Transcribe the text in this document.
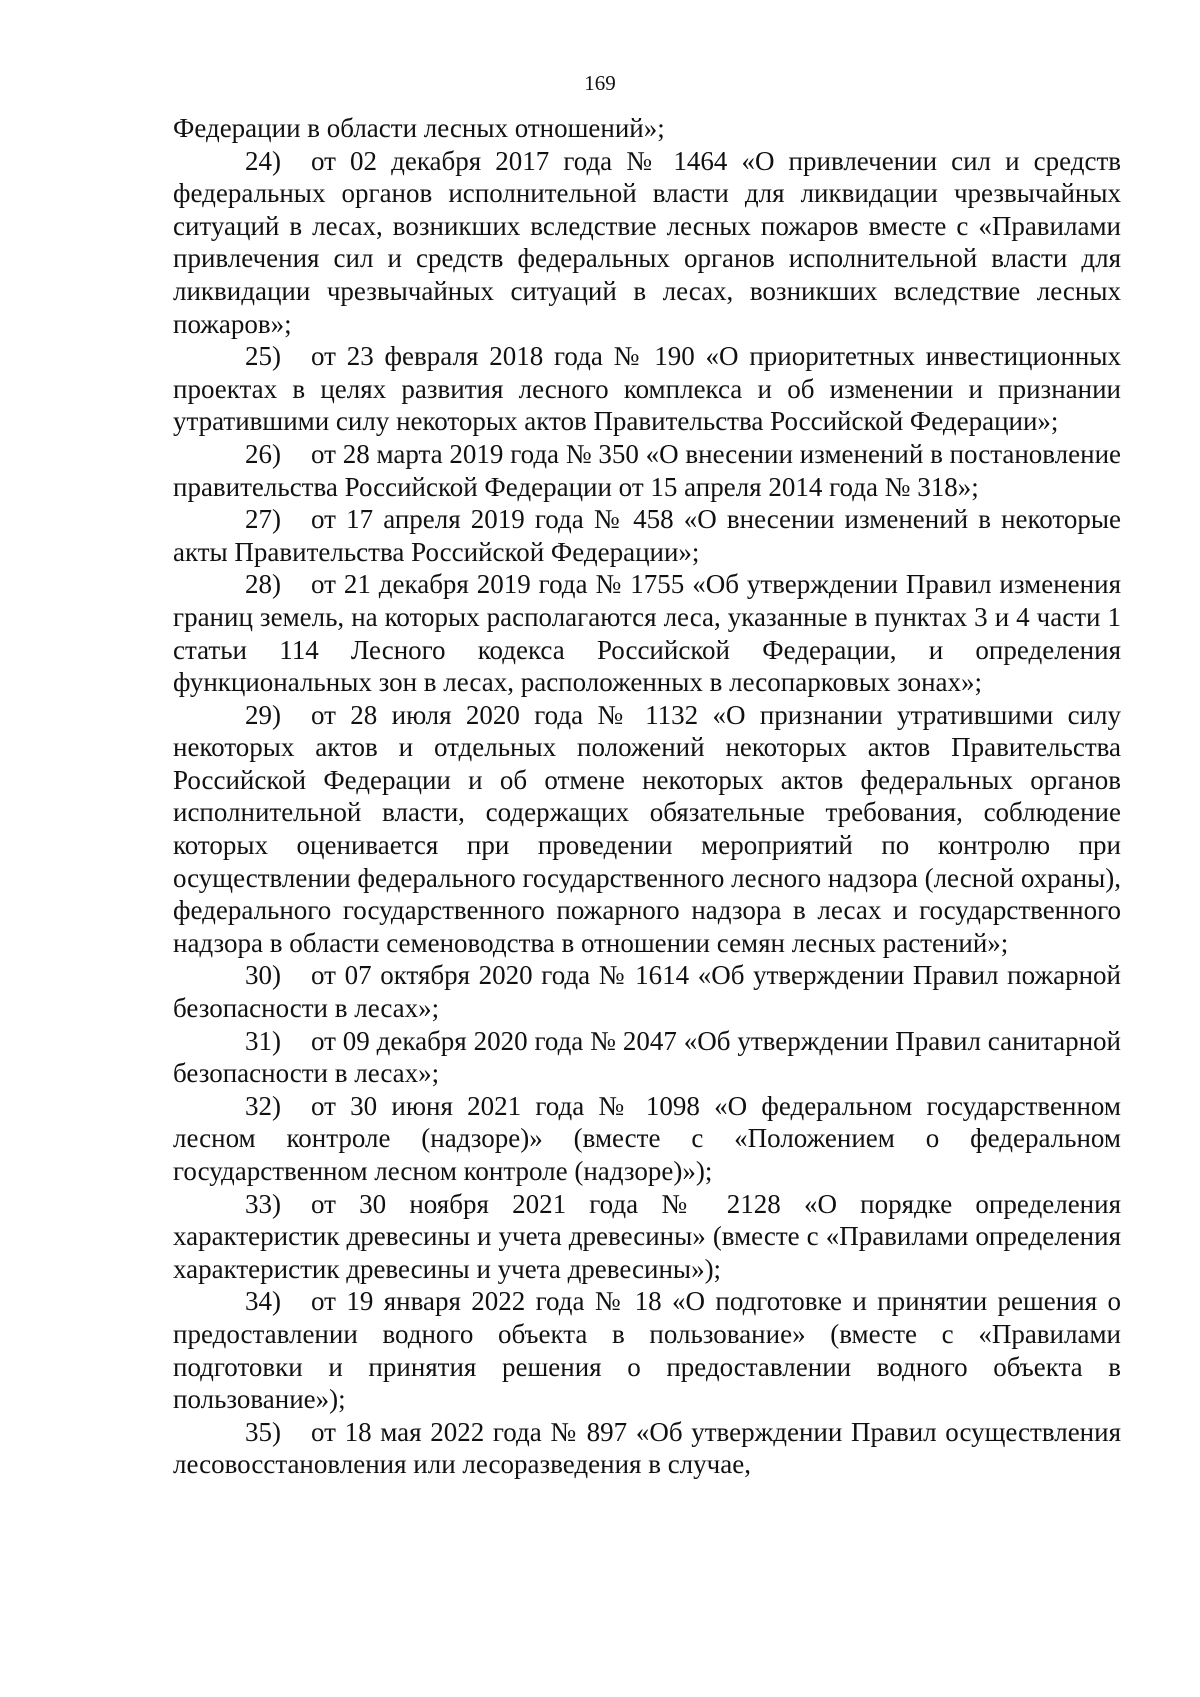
169

Федерации в области лесных отношений»;

24) от 02 декабря 2017 года № 1464 «О привлечении сил и средств федеральных органов исполнительной власти для ликвидации чрезвычайных ситуаций в лесах, возникших вследствие лесных пожаров вместе с «Правилами привлечения сил и средств федеральных органов исполнительной власти для ликвидации чрезвычайных ситуаций в лесах, возникших вследствие лесных пожаров»;

25) от 23 февраля 2018 года № 190 «О приоритетных инвестиционных проектах в целях развития лесного комплекса и об изменении и признании утратившими силу некоторых актов Правительства Российской Федерации»;

26) от 28 марта 2019 года № 350 «О внесении изменений в постановление правительства Российской Федерации от 15 апреля 2014 года № 318»;

27) от 17 апреля 2019 года № 458 «О внесении изменений в некоторые акты Правительства Российской Федерации»;

28) от 21 декабря 2019 года № 1755 «Об утверждении Правил изменения границ земель, на которых располагаются леса, указанные в пунктах 3 и 4 части 1 статьи 114 Лесного кодекса Российской Федерации, и определения функциональных зон в лесах, расположенных в лесопарковых зонах»;

29) от 28 июля 2020 года № 1132 «О признании утратившими силу некоторых актов и отдельных положений некоторых актов Правительства Российской Федерации и об отмене некоторых актов федеральных органов исполнительной власти, содержащих обязательные требования, соблюдение которых оценивается при проведении мероприятий по контролю при осуществлении федерального государственного лесного надзора (лесной охраны), федерального государственного пожарного надзора в лесах и государственного надзора в области семеноводства в отношении семян лесных растений»;

30) от 07 октября 2020 года № 1614 «Об утверждении Правил пожарной безопасности в лесах»;

31) от 09 декабря 2020 года № 2047 «Об утверждении Правил санитарной безопасности в лесах»;

32) от 30 июня 2021 года № 1098 «О федеральном государственном лесном контроле (надзоре)» (вместе с «Положением о федеральном государственном лесном контроле (надзоре)»);

33) от 30 ноября 2021 года № 2128 «О порядке определения характеристик древесины и учета древесины» (вместе с «Правилами определения характеристик древесины и учета древесины»);

34) от 19 января 2022 года № 18 «О подготовке и принятии решения о предоставлении водного объекта в пользование» (вместе с «Правилами подготовки и принятия решения о предоставлении водного объекта в пользование»);

35) от 18 мая 2022 года № 897 «Об утверждении Правил осуществления лесовосстановления или лесоразведения в случае,
